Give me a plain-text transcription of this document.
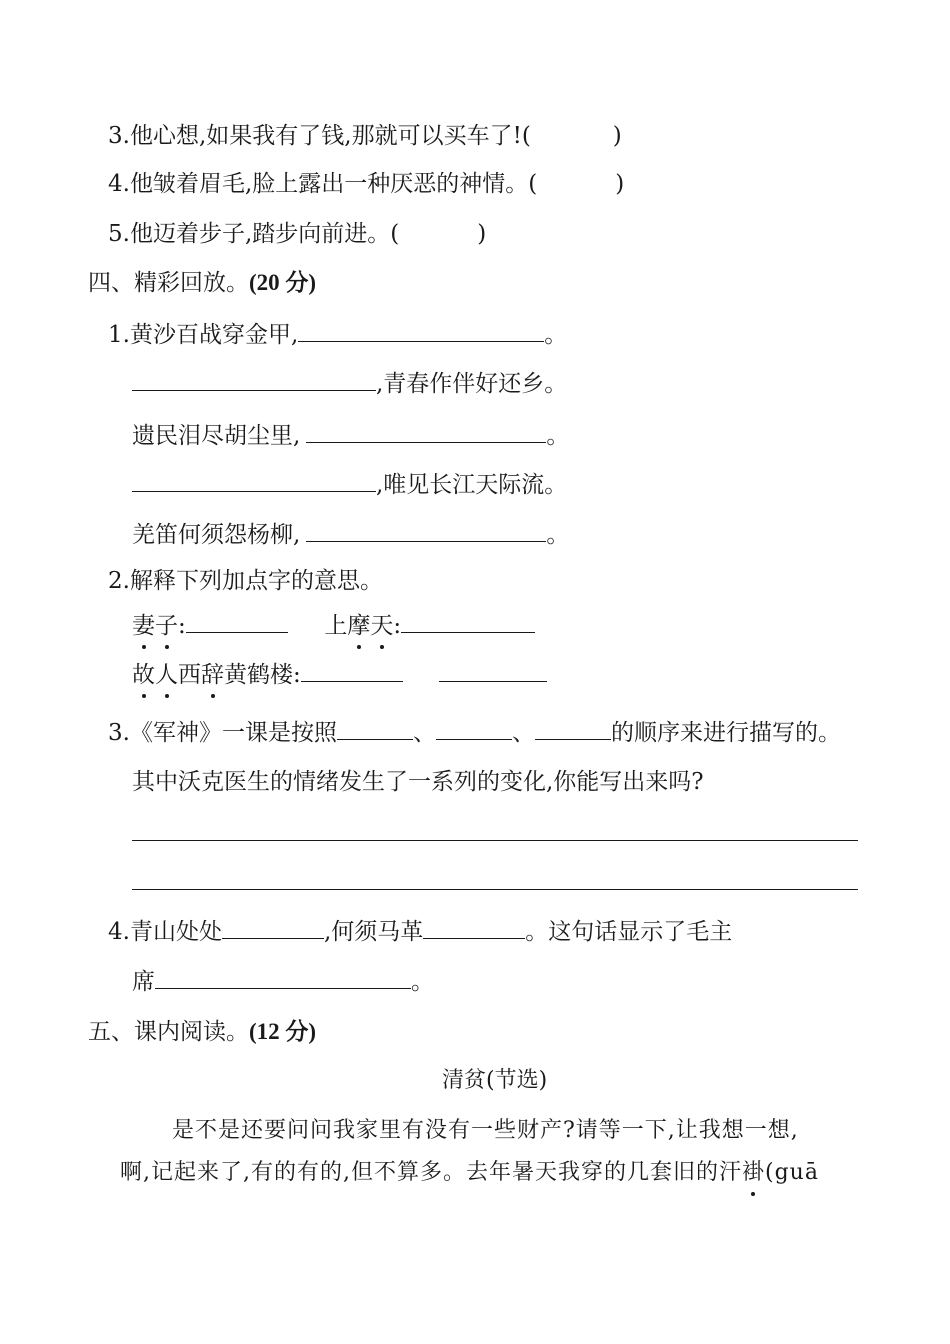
3.他心想,如果我有了钱,那就可以买车了!(	)
4.他皱着眉毛,脸上露出一种厌恶的神情。(	)
5.他迈着步子,踏步向前进。(	)
四、精彩回放。(20 分)
1.黄沙百战穿金甲,	。
,青春作伴好还乡。
遗民泪尽胡尘里,	。
,唯见长江天际流。
羌笛何须怨杨柳,	。
2.解释下列加点字的意思。
妻子:	上摩天:
故人西辞黄鹤楼:
3.《军神》一课是按照	、	、	的顺序来进行描写的。
其中沃克医生的情绪发生了一系列的变化,你能写出来吗?
4.青山处处	,何须马革	。这句话显示了毛主
席	。
五、课内阅读。(12 分)
清贫(节选)
是不是还要问问我家里有没有一些财产?请等一下,让我想一想,
啊,记起来了,有的有的,但不算多。去年暑天我穿的几套旧的汗褂(guā
